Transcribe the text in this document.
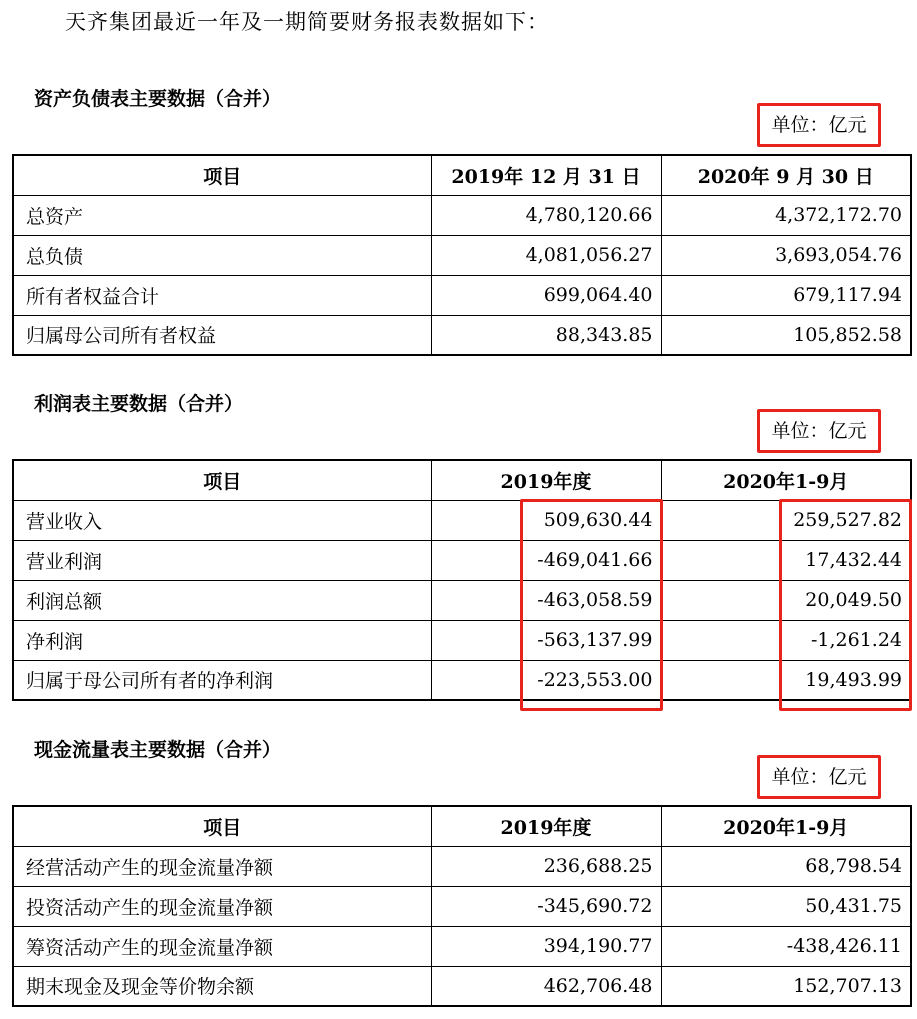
天齐集团最近一年及一期简要财务报表数据如下：
资产负债表主要数据（合并）
单位：亿元
项目	2019年 12 月 31 日	2020年 9 月 30 日
总资产	4,780,120.66	4,372,172.70
总负债	4,081,056.27	3,693,054.76
所有者权益合计	699,064.40	679,117.94
归属母公司所有者权益	88,343.85	105,852.58
利润表主要数据（合并）
单位：亿元
项目	2019年度	2020年1-9月
营业收入	509,630.44	259,527.82
营业利润	-469,041.66	17,432.44
利润总额	-463,058.59	20,049.50
净利润	-563,137.99	-1,261.24
归属于母公司所有者的净利润	-223,553.00	19,493.99
现金流量表主要数据（合并）
单位：亿元
项目	2019年度	2020年1-9月
经营活动产生的现金流量净额	236,688.25	68,798.54
投资活动产生的现金流量净额	-345,690.72	50,431.75
筹资活动产生的现金流量净额	394,190.77	-438,426.11
期末现金及现金等价物余额	462,706.48	152,707.13
